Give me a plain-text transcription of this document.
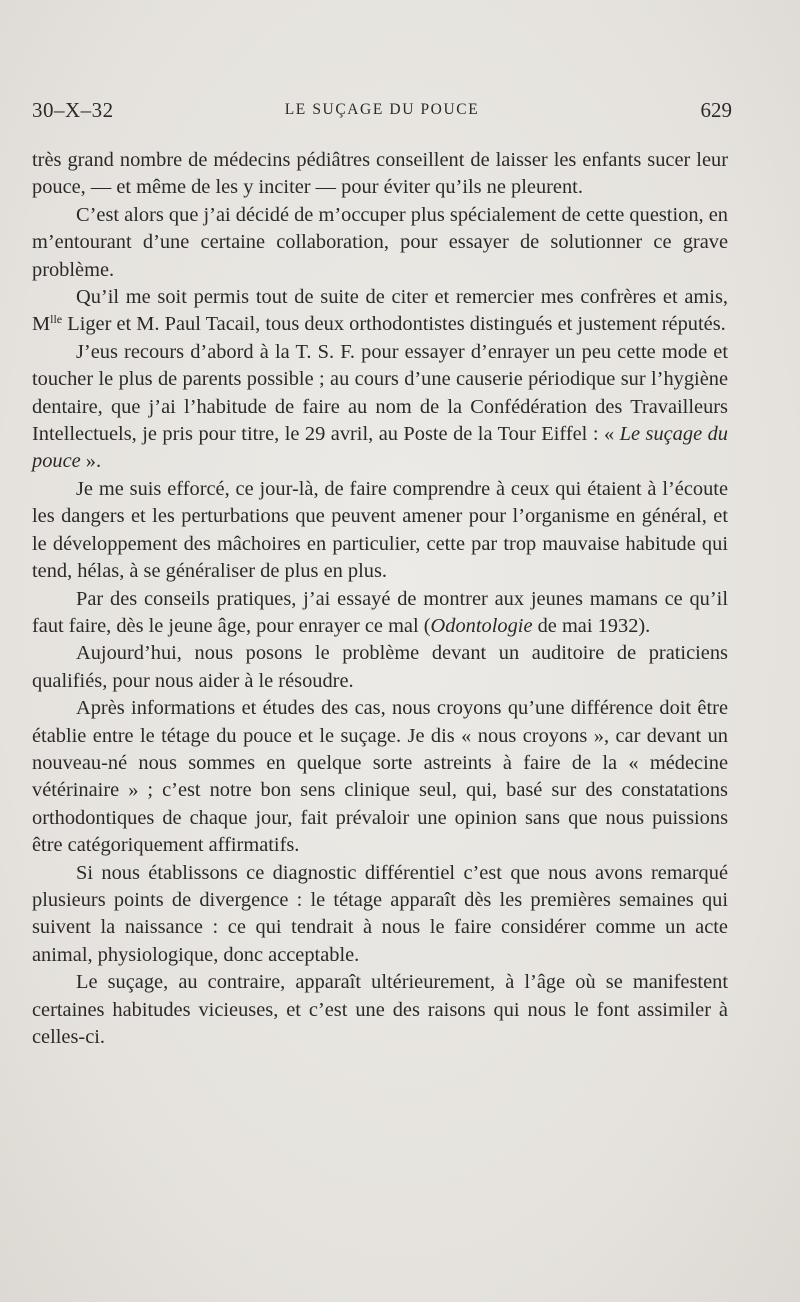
30–X–32	LE SUÇAGE DU POUCE	629

très grand nombre de médecins pédiâtres conseillent de laisser les enfants sucer leur pouce, — et même de les y inciter — pour éviter qu’ils ne pleurent.

C’est alors que j’ai décidé de m’occuper plus spécialement de cette question, en m’entourant d’une certaine collaboration, pour essayer de solutionner ce grave problème.

Qu’il me soit permis tout de suite de citer et remercier mes confrères et amis, $M^{lle}$ Liger et M. Paul Tacail, tous deux orthodontistes distingués et justement réputés.

J’eus recours d’abord à la T. S. F. pour essayer d’enrayer un peu cette mode et toucher le plus de parents possible ; au cours d’une causerie périodique sur l’hygiène dentaire, que j’ai l’habitude de faire au nom de la Confédération des Travailleurs Intellectuels, je pris pour titre, le 29 avril, au Poste de la Tour Eiffel : « Le suçage du pouce ».

Je me suis efforcé, ce jour-là, de faire comprendre à ceux qui étaient à l’écoute les dangers et les perturbations que peuvent amener pour l’organisme en général, et le développement des mâchoires en particulier, cette par trop mauvaise habitude qui tend, hélas, à se généraliser de plus en plus.

Par des conseils pratiques, j’ai essayé de montrer aux jeunes mamans ce qu’il faut faire, dès le jeune âge, pour enrayer ce mal (Odontologie de mai 1932).

Aujourd’hui, nous posons le problème devant un auditoire de praticiens qualifiés, pour nous aider à le résoudre.

Après informations et études des cas, nous croyons qu’une différence doit être établie entre le tétage du pouce et le suçage. Je dis « nous croyons », car devant un nouveau-né nous sommes en quelque sorte astreints à faire de la « médecine vétérinaire » ; c’est notre bon sens clinique seul, qui, basé sur des constatations orthodontiques de chaque jour, fait prévaloir une opinion sans que nous puissions être catégoriquement affirmatifs.

Si nous établissons ce diagnostic différentiel c’est que nous avons remarqué plusieurs points de divergence : le tétage apparaît dès les premières semaines qui suivent la naissance : ce qui tendrait à nous le faire considérer comme un acte animal, physiologique, donc acceptable.

Le suçage, au contraire, apparaît ultérieurement, à l’âge où se manifestent certaines habitudes vicieuses, et c’est une des raisons qui nous le font assimiler à celles-ci.
